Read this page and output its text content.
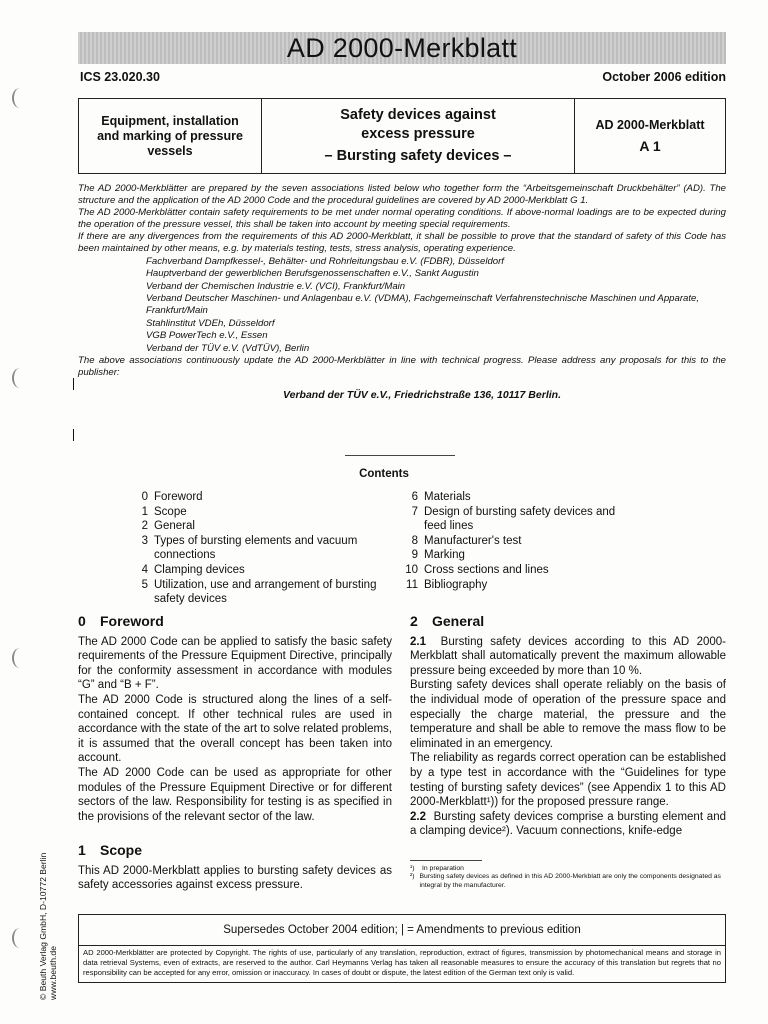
AD 2000-Merkblatt
ICS 23.020.30	October 2006 edition
Equipment, installation
and marking of pressure
vessels
Safety devices against
excess pressure
– Bursting safety devices –
AD 2000-Merkblatt
A 1

The AD 2000-Merkblätter are prepared by the seven associations listed below who together form the “Arbeitsgemeinschaft Druckbehälter” (AD). The structure and the application of the AD 2000 Code and the procedural guidelines are covered by AD 2000-Merkblatt G 1.

The AD 2000-Merkblätter contain safety requirements to be met under normal operating conditions. If above-normal loadings are to be expected during the operation of the pressure vessel, this shall be taken into account by meeting special requirements.

If there are any divergences from the requirements of this AD 2000-Merkblatt, it shall be possible to prove that the standard of safety of this Code has been maintained by other means, e.g. by materials testing, tests, stress analysis, operating experience.

Fachverband Dampfkessel-, Behälter- und Rohrleitungsbau e.V. (FDBR), Düsseldorf

Hauptverband der gewerblichen Berufsgenossenschaften e.V., Sankt Augustin

Verband der Chemischen Industrie e.V. (VCI), Frankfurt/Main

Verband Deutscher Maschinen- und Anlagenbau e.V. (VDMA), Fachgemeinschaft Verfahrenstechnische Maschinen und Apparate, Frankfurt/Main

Stahlinstitut VDEh, Düsseldorf

VGB PowerTech e.V., Essen

Verband der TÜV e.V. (VdTÜV), Berlin

The above associations continuously update the AD 2000-Merkblätter in line with technical progress. Please address any proposals for this to the publisher:

Verband der TÜV e.V., Friedrichstraße 136, 10117 Berlin.

Contents
0 Foreword
1 Scope
2 General
3 Types of bursting elements and vacuum connections
4 Clamping devices
5 Utilization, use and arrangement of bursting safety devices
6 Materials
7 Design of bursting safety devices and feed lines
8 Manufacturer's test
9 Marking
10 Cross sections and lines
11 Bibliography
0 Foreword

The AD 2000 Code can be applied to satisfy the basic safety requirements of the Pressure Equipment Directive, principally for the conformity assessment in accordance with modules “G” and “B + F”.

The AD 2000 Code is structured along the lines of a self-contained concept. If other technical rules are used in accordance with the state of the art to solve related problems, it is assumed that the overall concept has been taken into account.

The AD 2000 Code can be used as appropriate for other modules of the Pressure Equipment Directive or for different sectors of the law. Responsibility for testing is as specified in the provisions of the relevant sector of the law.

1 Scope

This AD 2000-Merkblatt applies to bursting safety devices as safety accessories against excess pressure.

2 General

2.1 Bursting safety devices according to this AD 2000-Merkblatt shall automatically prevent the maximum allowable pressure being exceeded by more than 10 %.

Bursting safety devices shall operate reliably on the basis of the individual mode of operation of the pressure space and especially the charge material, the pressure and the temperature and shall be able to remove the mass flow to be eliminated in an emergency.

The reliability as regards correct operation can be established by a type test in accordance with the “Guidelines for type testing of bursting safety devices” (see Appendix 1 to this AD 2000-Merkblatt¹)) for the proposed pressure range.

2.2 Bursting safety devices comprise a bursting element and a clamping device²). Vacuum connections, knife-edge

¹)	In preparation
²) Bursting safety devices as defined in this AD 2000-Merkblatt are only the components designated as integral by the manufacturer.
Supersedes October 2004 edition; | = Amendments to previous edition
AD 2000-Merkblätter are protected by Copyright. The rights of use, particularly of any translation, reproduction, extract of figures, transmission by photomechanical means and storage in data retrieval Systems, even of extracts, are reserved to the author. Carl Heymanns Verlag has taken all reasonable measures to ensure the accuracy of this translation but regrets that no responsibility can be accepted for any error, omission or inaccuracy. In cases of doubt or dispute, the latest edition of the German text only is valid.
© Beuth Verlag GmbH, D-10772 Berlin www.beuth.de
